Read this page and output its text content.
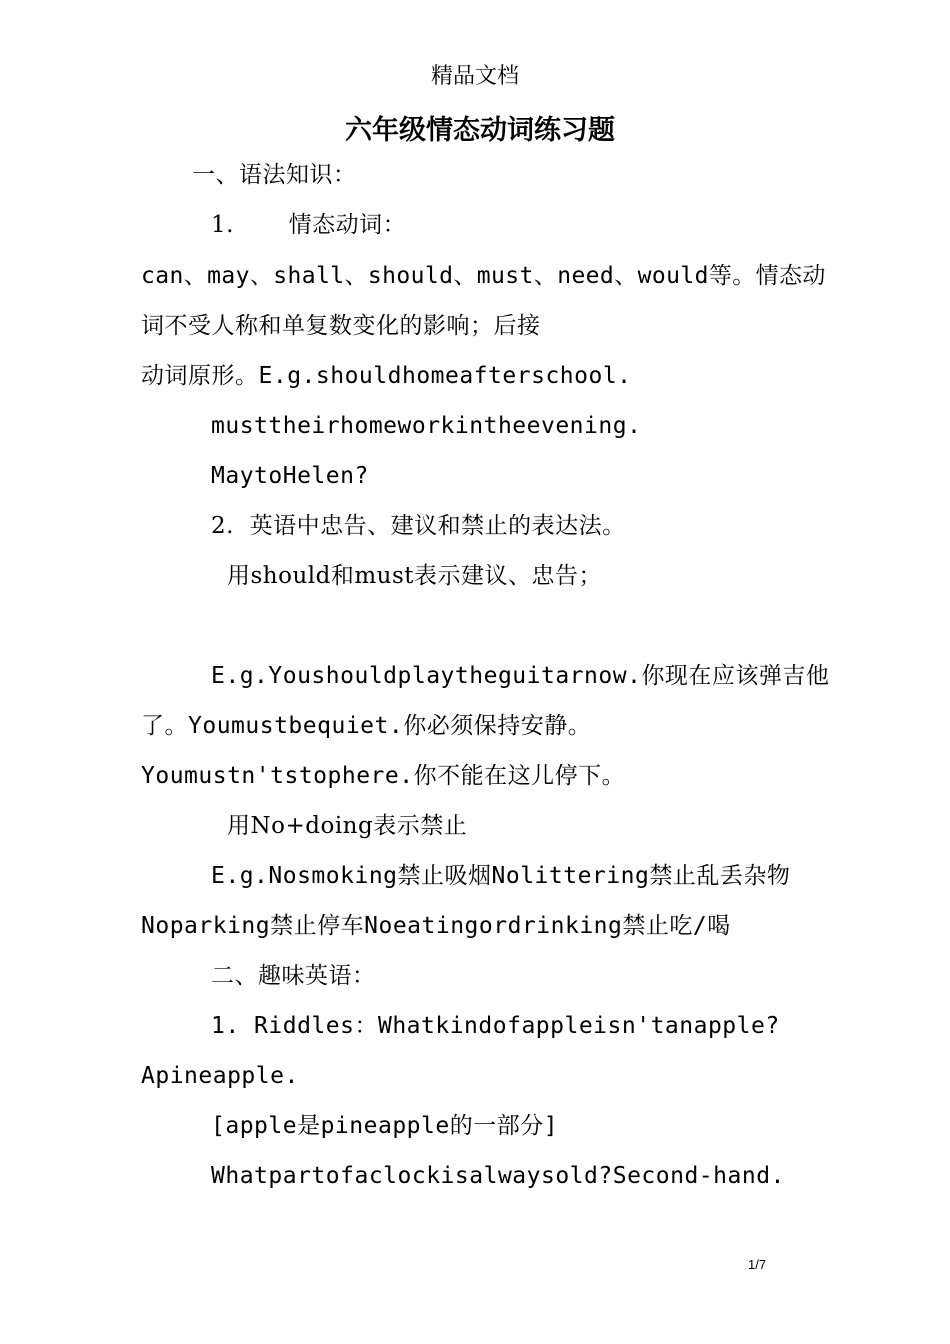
精品文档
六年级情态动词练习题
一、语法知识：
1.       情态动词：
can、may、shall、should、must、need、would等。情态动
词不受人称和单复数变化的影响；后接
动词原形。E.g.shouldhomeafterschool.
musttheirhomeworkintheevening.
MaytoHelen?
2.  英语中忠告、建议和禁止的表达法。
用should和must表示建议、忠告；
E.g.Youshouldplaytheguitarnow.你现在应该弹吉他
了。Youmustbequiet.你必须保持安静。
Youmustn'tstophere.你不能在这儿停下。
用No+doing表示禁止
E.g.Nosmoking禁止吸烟Nolittering禁止乱丢杂物
Noparking禁止停车Noeatingordrinking禁止吃/喝
二、趣味英语：
1. Riddles：Whatkindofappleisn'tanapple?
Apineapple.
[apple是pineapple的一部分]
Whatpartofaclockisalwaysold?Second-hand.
1/7
